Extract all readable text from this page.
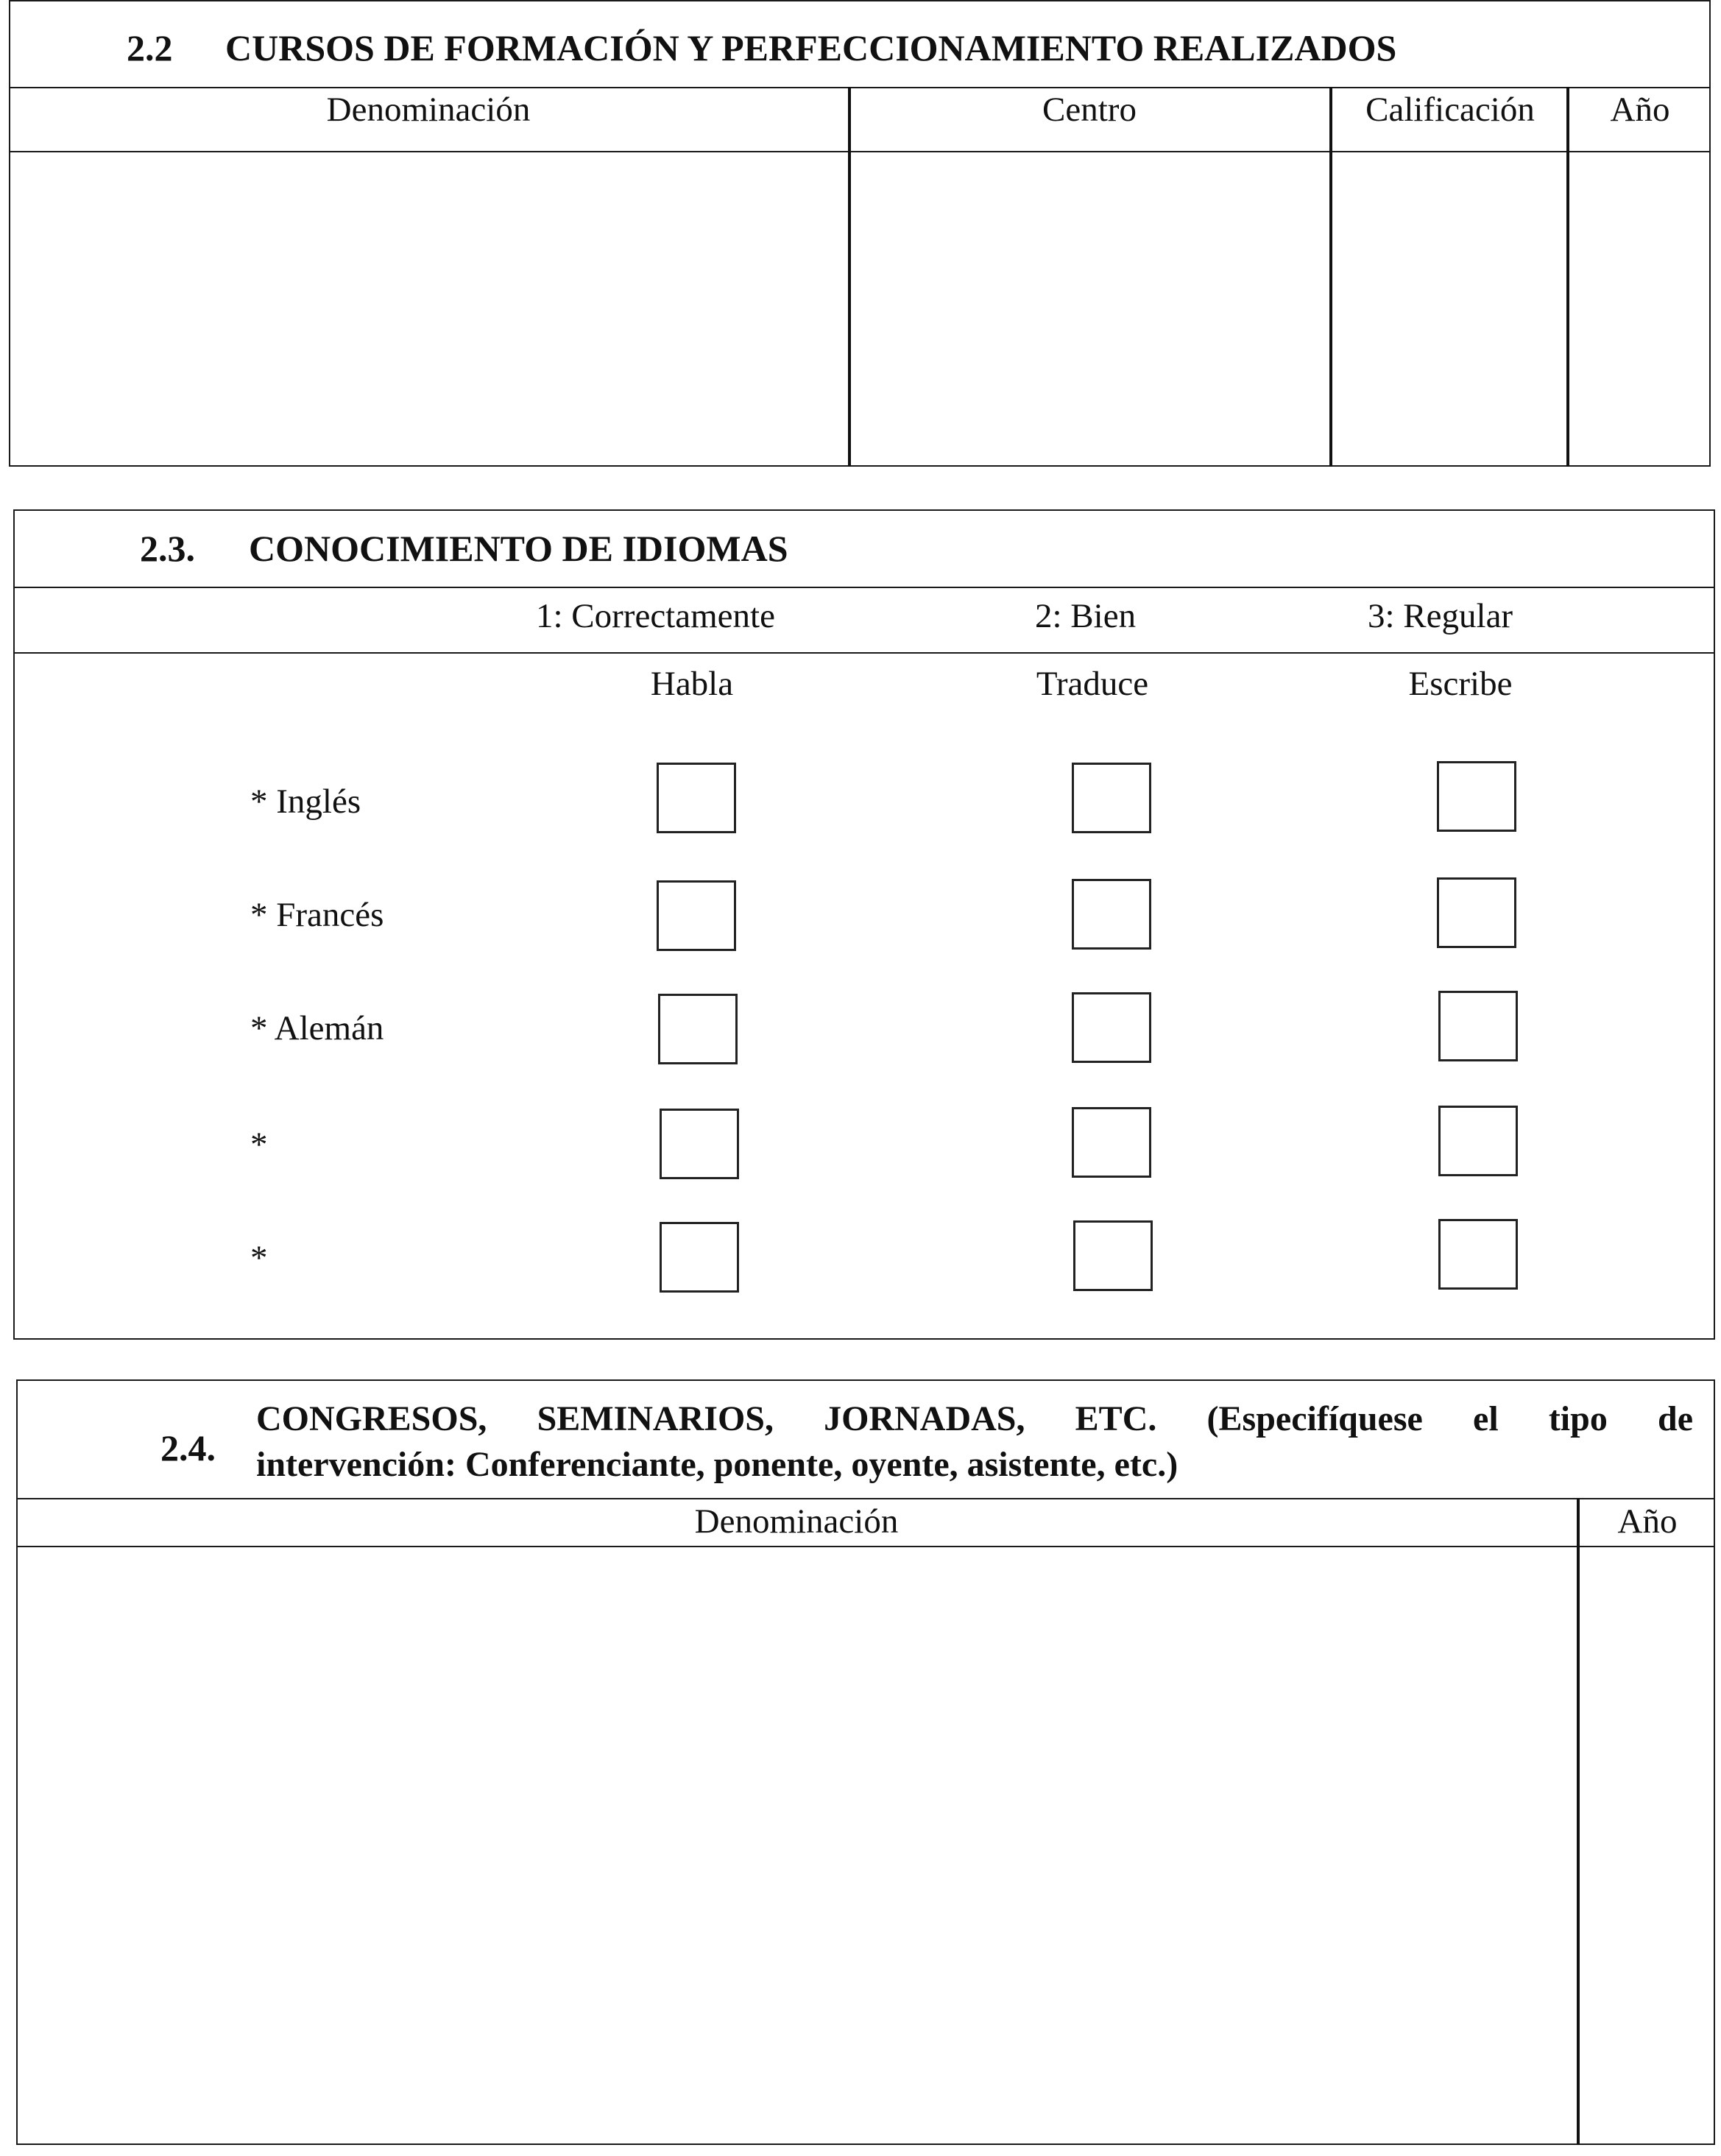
2.2 CURSOS DE FORMACIÓN Y PERFECCIONAMIENTO REALIZADOS
Denominación	Centro	Calificación	Año
2.3. CONOCIMIENTO DE IDIOMAS
1: Correctamente	2: Bien	3: Regular
Habla	Traduce	Escribe
* Inglés
* Francés
* Alemán
*
*
2.4.
CONGRESOS, SEMINARIOS, JORNADAS, ETC. (Especifíquese el tipo de
intervención: Conferenciante, ponente, oyente, asistente, etc.)
Denominación	Año
